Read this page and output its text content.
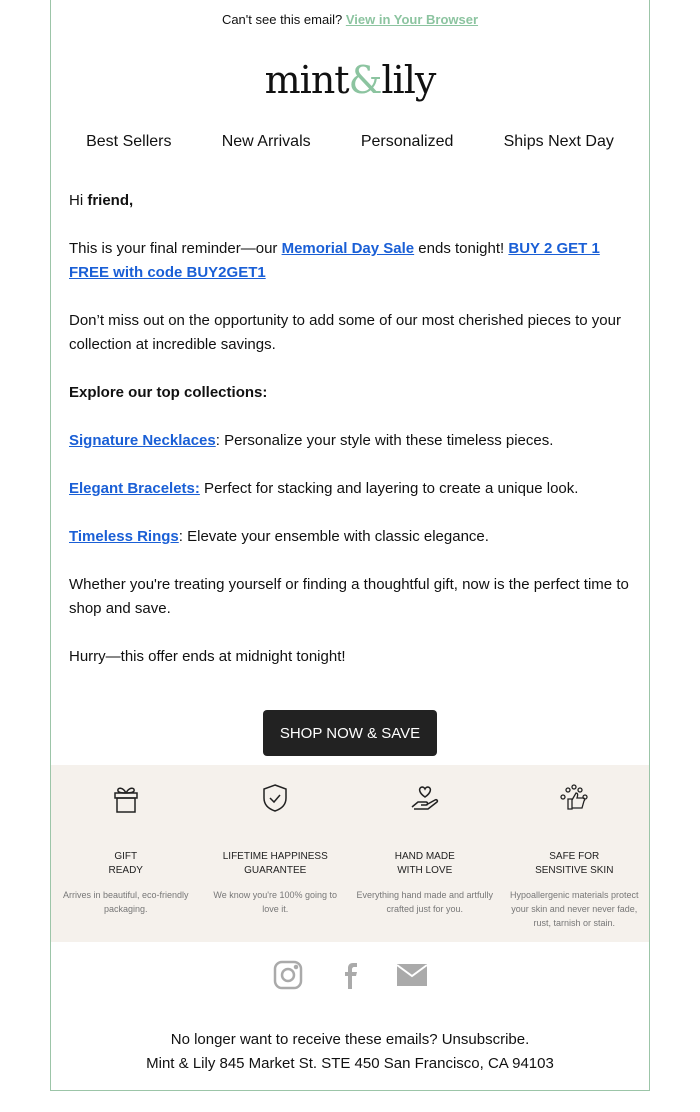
Can't see this email? View in Your Browser
mint&lily
Best Sellers	New Arrivals	Personalized	Ships Next Day

Hi friend,

This is your final reminder—our Memorial Day Sale ends tonight! BUY 2 GET 1 FREE with code BUY2GET1

Don’t miss out on the opportunity to add some of our most cherished pieces to your collection at incredible savings.

Explore our top collections:

Signature Necklaces: Personalize your style with these timeless pieces.

Elegant Bracelets: Perfect for stacking and layering to create a unique look.

Timeless Rings: Elevate your ensemble with classic elegance.

Whether you're treating yourself or finding a thoughtful gift, now is the perfect time to shop and save.

Hurry—this offer ends at midnight tonight!

SHOP NOW & SAVE
GIFT
READY
Arrives in beautiful, eco-friendly packaging.
LIFETIME HAPPINESS
GUARANTEE
We know you're 100% going to love it.
HAND MADE
WITH LOVE
Everything hand made and artfully crafted just for you.
SAFE FOR
SENSITIVE SKIN
Hypoallergenic materials protect your skin and never never fade, rust, tarnish or stain.
No longer want to receive these emails? Unsubscribe.
Mint & Lily 845 Market St. STE 450 San Francisco, CA 94103
